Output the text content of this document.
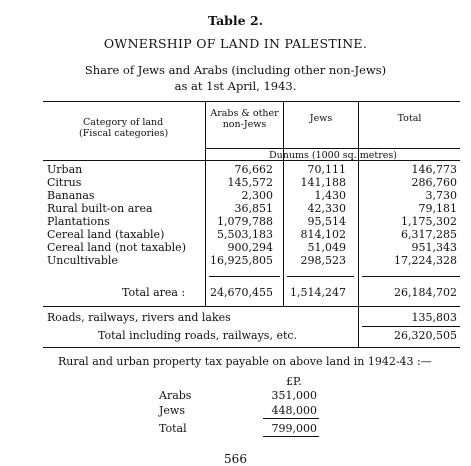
Table 2.
OWNERSHIP OF LAND IN PALESTINE.
Share of Jews and Arabs (including other non-Jews)
as at 1st April, 1943.
Category of land
(Fiscal categories)
Arabs & other
non-Jews
Jews	Total
Dunums (1000 sq. metres)
Urban	76,662	70,111	146,773
Citrus	145,572	141,188	286,760
Bananas	2,300	1,430	3,730
Rural built-on area	36,851	42,330	79,181
Plantations	1,079,788	95,514	1,175,302
Cereal land (taxable)	5,503,183	814,102	6,317,285
Cereal land (not taxable)	900,294	51,049	951,343
Uncultivable	16,925,805	298,523	17,224,328
Total area : 24,670,455 1,514,247	26,184,702
Roads, railways, rivers and lakes	135,803
Total including roads, railways, etc.	26,320,505
Rural and urban property tax payable on above land in 1942-43 :—
£P.
Arabs	351,000
Jews	448,000
Total	799,000
566
